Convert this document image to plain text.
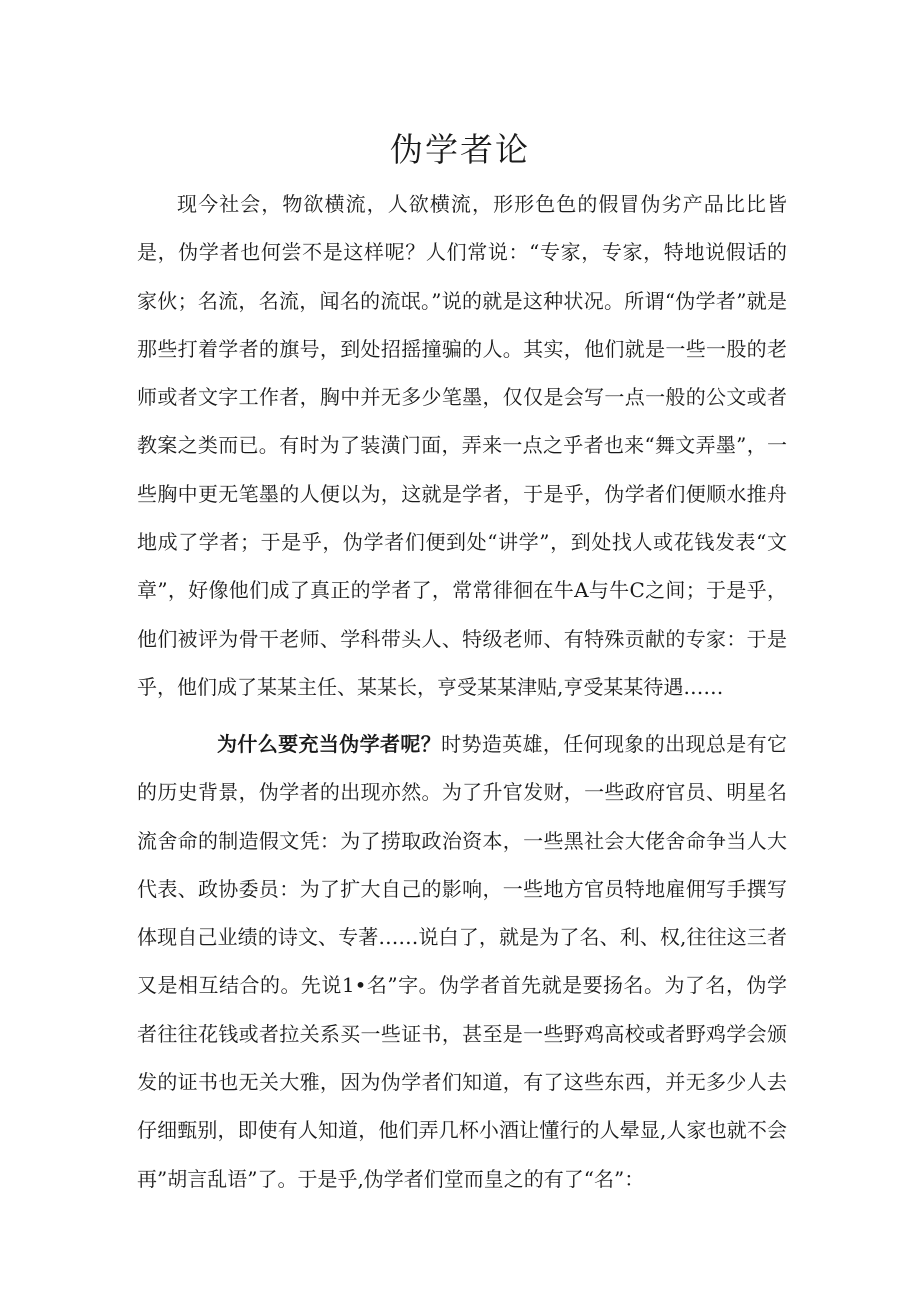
伪学者论

现今社会，物欲横流，人欲横流，形形色色的假冒伪劣产品比比皆是，伪学者也何尝不是这样呢？人们常说：“专家，专家，特地说假话的家伙；名流，名流，闻名的流氓。”说的就是这种状况。所谓“伪学者”就是那些打着学者的旗号，到处招摇撞骗的人。其实，他们就是一些一股的老师或者文字工作者，胸中并无多少笔墨，仅仅是会写一点一般的公文或者教案之类而已。有时为了装潢门面，弄来一点之乎者也来“舞文弄墨”，一些胸中更无笔墨的人便以为，这就是学者，于是乎，伪学者们便顺水推舟地成了学者；于是乎，伪学者们便到处“讲学”，到处找人或花钱发表“文章”，好像他们成了真正的学者了，常常徘徊在牛A与牛C之间；于是乎，他们被评为骨干老师、学科带头人、特级老师、有特殊贡献的专家：于是乎，他们成了某某主任、某某长，亨受某某津贴,亨受某某待遇……

为什么要充当伪学者呢？时势造英雄，任何现象的出现总是有它的历史背景，伪学者的出现亦然。为了升官发财，一些政府官员、明星名流舍命的制造假文凭：为了捞取政治资本，一些黑社会大佬舍命争当人大代表、政协委员：为了扩大自己的影响，一些地方官员特地雇佣写手撰写体现自己业绩的诗文、专著……说白了，就是为了名、利、权,往往这三者又是相互结合的。先说1•名”字。伪学者首先就是要扬名。为了名，伪学者往往花钱或者拉关系买一些证书，甚至是一些野鸡高校或者野鸡学会颁发的证书也无关大雅，因为伪学者们知道，有了这些东西，并无多少人去仔细甄别，即使有人知道，他们弄几杯小酒让懂行的人晕显,人家也就不会再”胡言乱语”了。于是乎,伪学者们堂而皇之的有了“名”：
